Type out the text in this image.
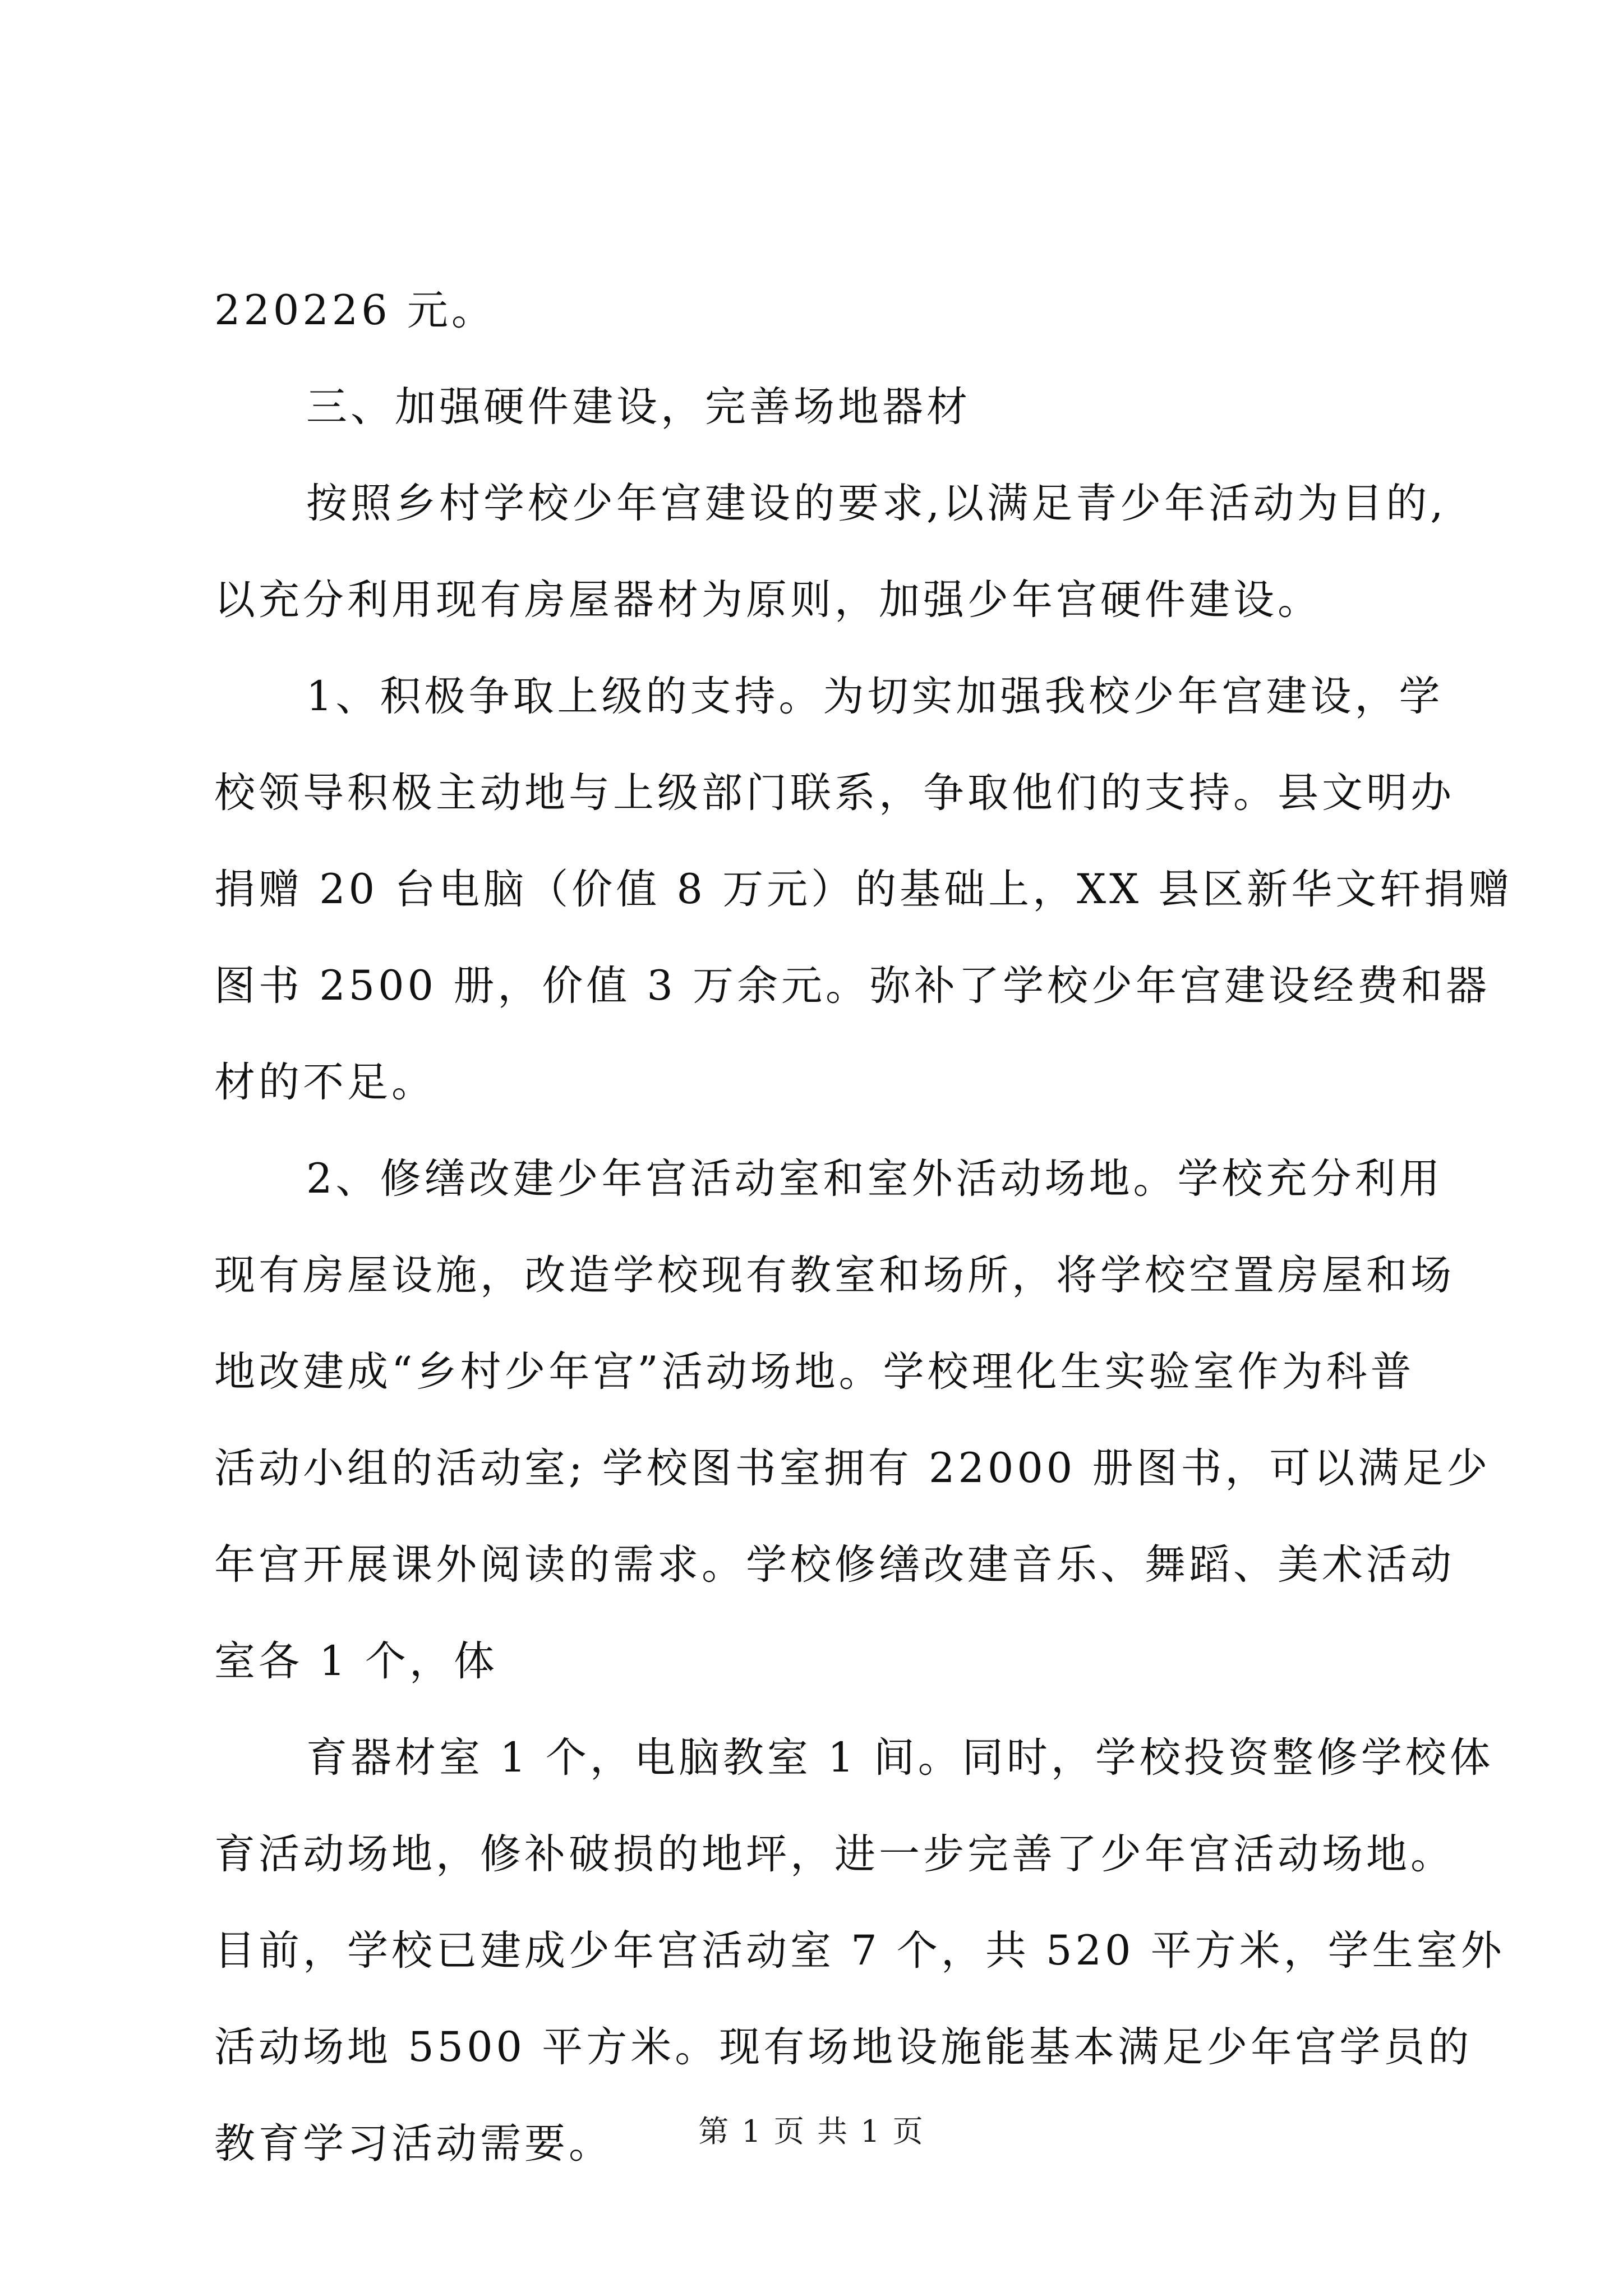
220226 元。
三、加强硬件建设，完善场地器材
按照乡村学校少年宫建设的要求,以满足青少年活动为目的,
以充分利用现有房屋器材为原则，加强少年宫硬件建设。
1、积极争取上级的支持。为切实加强我校少年宫建设，学
校领导积极主动地与上级部门联系，争取他们的支持。县文明办
捐赠 20 台电脑（价值 8 万元）的基础上，XX 县区新华文轩捐赠
图书 2500 册，价值 3 万余元。弥补了学校少年宫建设经费和器
材的不足。
2、修缮改建少年宫活动室和室外活动场地。学校充分利用
现有房屋设施，改造学校现有教室和场所，将学校空置房屋和场
地改建成“乡村少年宫”活动场地。学校理化生实验室作为科普
活动小组的活动室; 学校图书室拥有 22000 册图书，可以满足少
年宫开展课外阅读的需求。学校修缮改建音乐、舞蹈、美术活动
室各 1 个，体
育器材室 1 个，电脑教室 1 间。同时，学校投资整修学校体
育活动场地，修补破损的地坪，进一步完善了少年宫活动场地。
目前，学校已建成少年宫活动室 7 个，共 520 平方米，学生室外
活动场地 5500 平方米。现有场地设施能基本满足少年宫学员的
教育学习活动需要。	第 1 页 共 1 页
